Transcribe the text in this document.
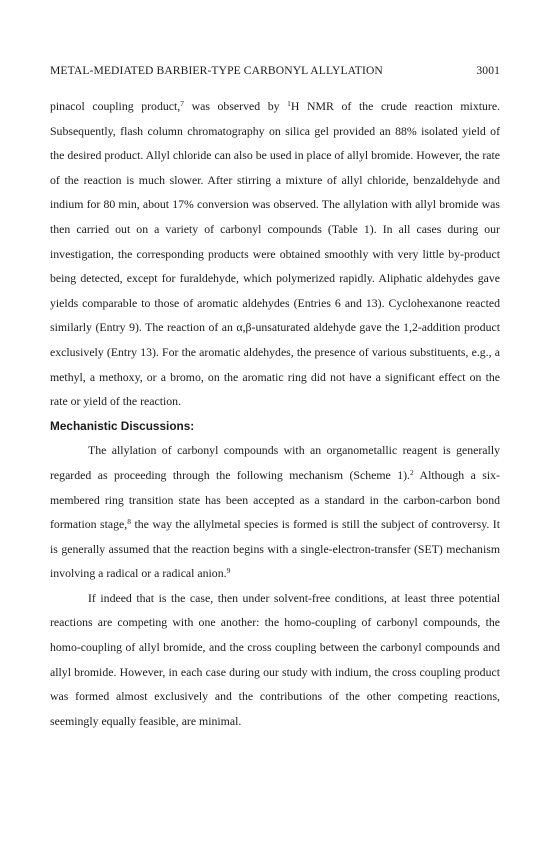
METAL-MEDIATED BARBIER-TYPE CARBONYL ALLYLATION	3001

pinacol coupling product,$^7$ was observed by $^1$H NMR of the crude reaction mixture. Subsequently, flash column chromatography on silica gel provided an 88% isolated yield of the desired product. Allyl chloride can also be used in place of allyl bromide. However, the rate of the reaction is much slower. After stirring a mixture of allyl chloride, benzaldehyde and indium for 80 min, about 17% conversion was observed. The allylation with allyl bromide was then carried out on a variety of carbonyl compounds (Table 1). In all cases during our investigation, the corresponding products were obtained smoothly with very little by-product being detected, except for furaldehyde, which polymerized rapidly. Aliphatic aldehydes gave yields comparable to those of aromatic aldehydes (Entries 6 and 13). Cyclohexanone reacted similarly (Entry 9). The reaction of an α,β-unsaturated aldehyde gave the 1,2-addition product exclusively (Entry 13). For the aromatic aldehydes, the presence of various substituents, e.g., a methyl, a methoxy, or a bromo, on the aromatic ring did not have a significant effect on the rate or yield of the reaction.

Mechanistic Discussions:

The allylation of carbonyl compounds with an organometallic reagent is generally regarded as proceeding through the following mechanism (Scheme 1).$^2$ Although a six-membered ring transition state has been accepted as a standard in the carbon-carbon bond formation stage,$^8$ the way the allylmetal species is formed is still the subject of controversy. It is generally assumed that the reaction begins with a single-electron-transfer (SET) mechanism involving a radical or a radical anion.$^9$

If indeed that is the case, then under solvent-free conditions, at least three potential reactions are competing with one another: the homo-coupling of carbonyl compounds, the homo-coupling of allyl bromide, and the cross coupling between the carbonyl compounds and allyl bromide. However, in each case during our study with indium, the cross coupling product was formed almost exclusively and the contributions of the other competing reactions, seemingly equally feasible, are minimal.
